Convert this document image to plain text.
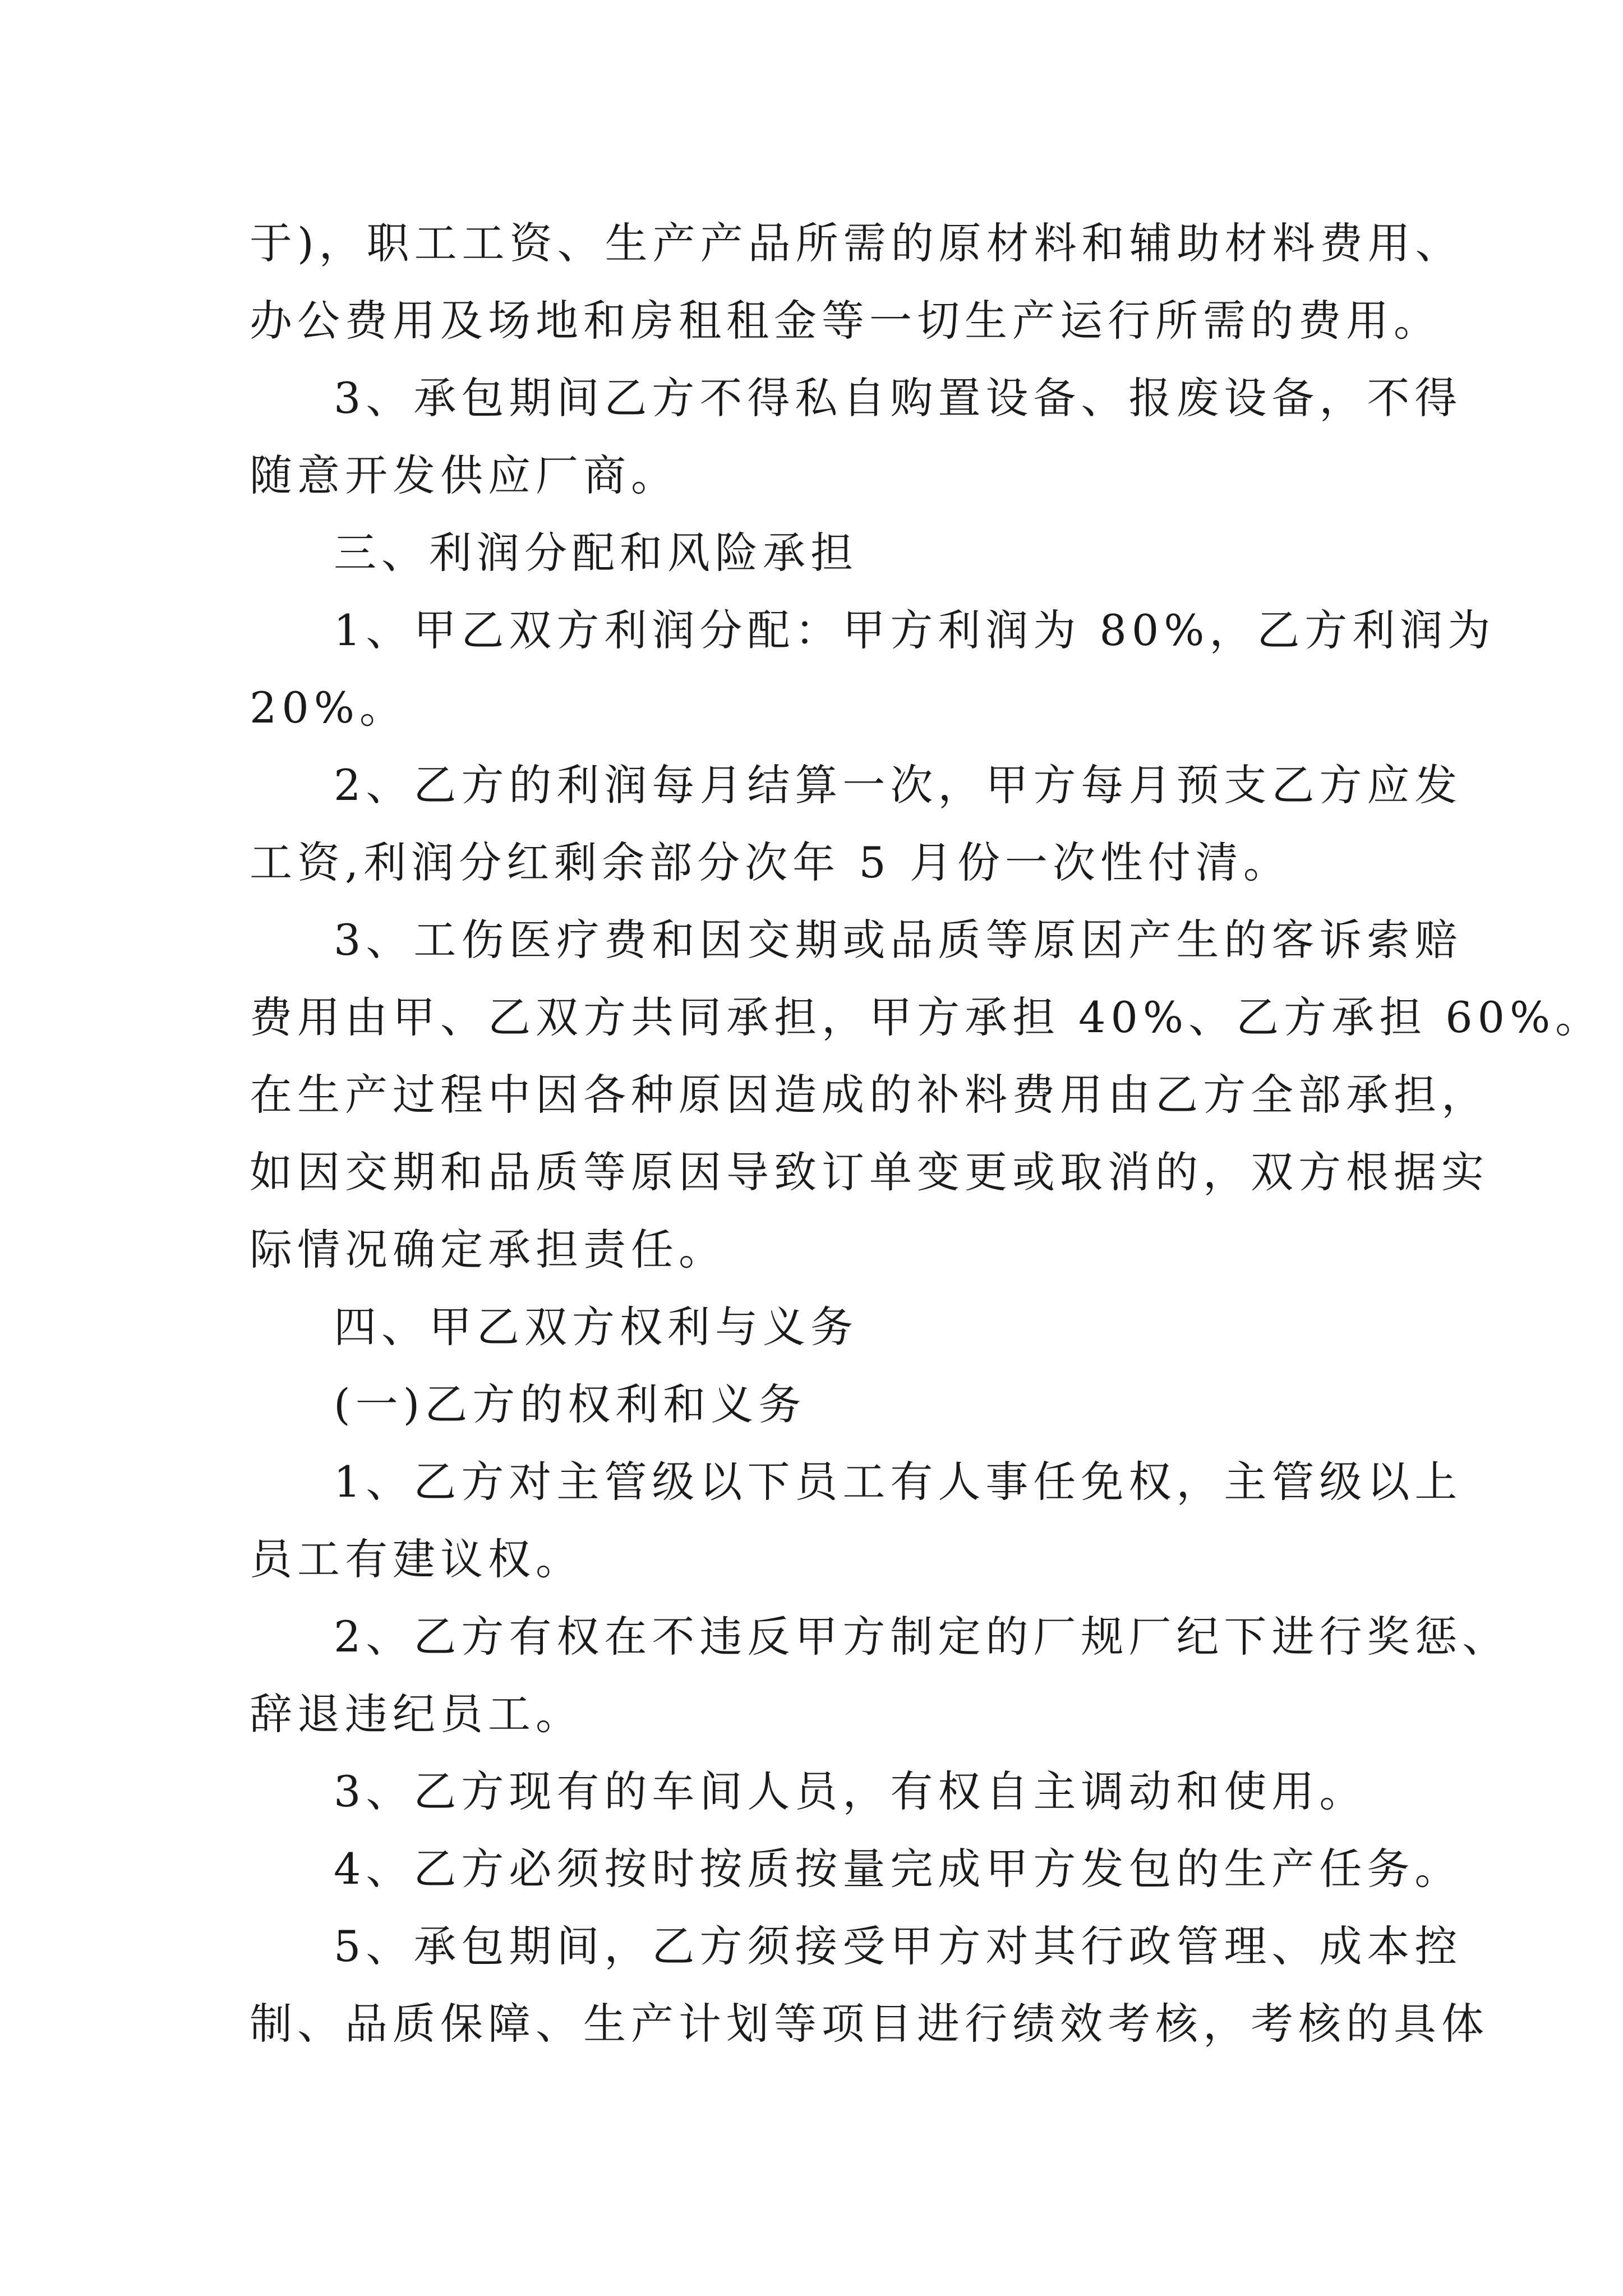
于)，职工工资、生产产品所需的原材料和辅助材料费用、
办公费用及场地和房租租金等一切生产运行所需的费用。
3、承包期间乙方不得私自购置设备、报废设备，不得
随意开发供应厂商。
三、利润分配和风险承担
1、甲乙双方利润分配：甲方利润为 80%，乙方利润为
20%。
2、乙方的利润每月结算一次，甲方每月预支乙方应发
工资,利润分红剩余部分次年 5 月份一次性付清。
3、工伤医疗费和因交期或品质等原因产生的客诉索赔
费用由甲、乙双方共同承担，甲方承担 40%、乙方承担 60%。
在生产过程中因各种原因造成的补料费用由乙方全部承担，
如因交期和品质等原因导致订单变更或取消的，双方根据实
际情况确定承担责任。
四、甲乙双方权利与义务
(一)乙方的权利和义务
1、乙方对主管级以下员工有人事任免权，主管级以上
员工有建议权。
2、乙方有权在不违反甲方制定的厂规厂纪下进行奖惩、
辞退违纪员工。
3、乙方现有的车间人员，有权自主调动和使用。
4、乙方必须按时按质按量完成甲方发包的生产任务。
5、承包期间，乙方须接受甲方对其行政管理、成本控
制、品质保障、生产计划等项目进行绩效考核，考核的具体
